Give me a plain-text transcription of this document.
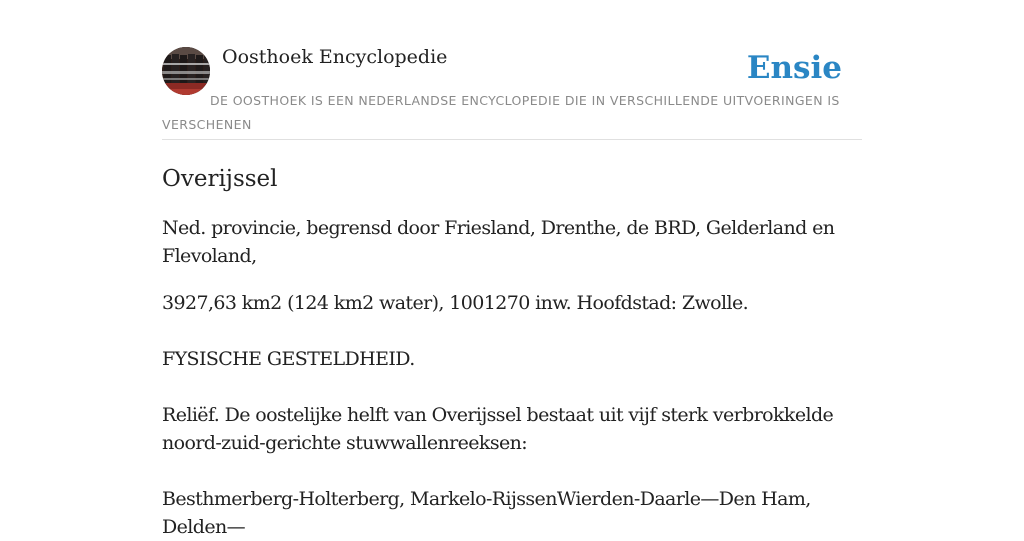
Oosthoek Encyclopedie	Ensie
DE OOSTHOEK IS EEN NEDERLANDSE ENCYCLOPEDIE DIE IN VERSCHILLENDE UITVOERINGEN IS VERSCHENEN
Overijssel

Ned. provincie, begrensd door Friesland, Drenthe, de BRD, Gelderland en Flevoland,

3927,63 km2 (124 km2 water), 1001270 inw. Hoofdstad: Zwolle.

FYSISCHE GESTELDHEID.

Reliëf. De oostelijke helft van Overijssel bestaat uit vijf sterk verbrokkelde noord-zuid-gerichte stuwwallenreeksen:

Besthmerberg-Holterberg, Markelo-RijssenWierden-Daarle—Den Ham, Delden—
